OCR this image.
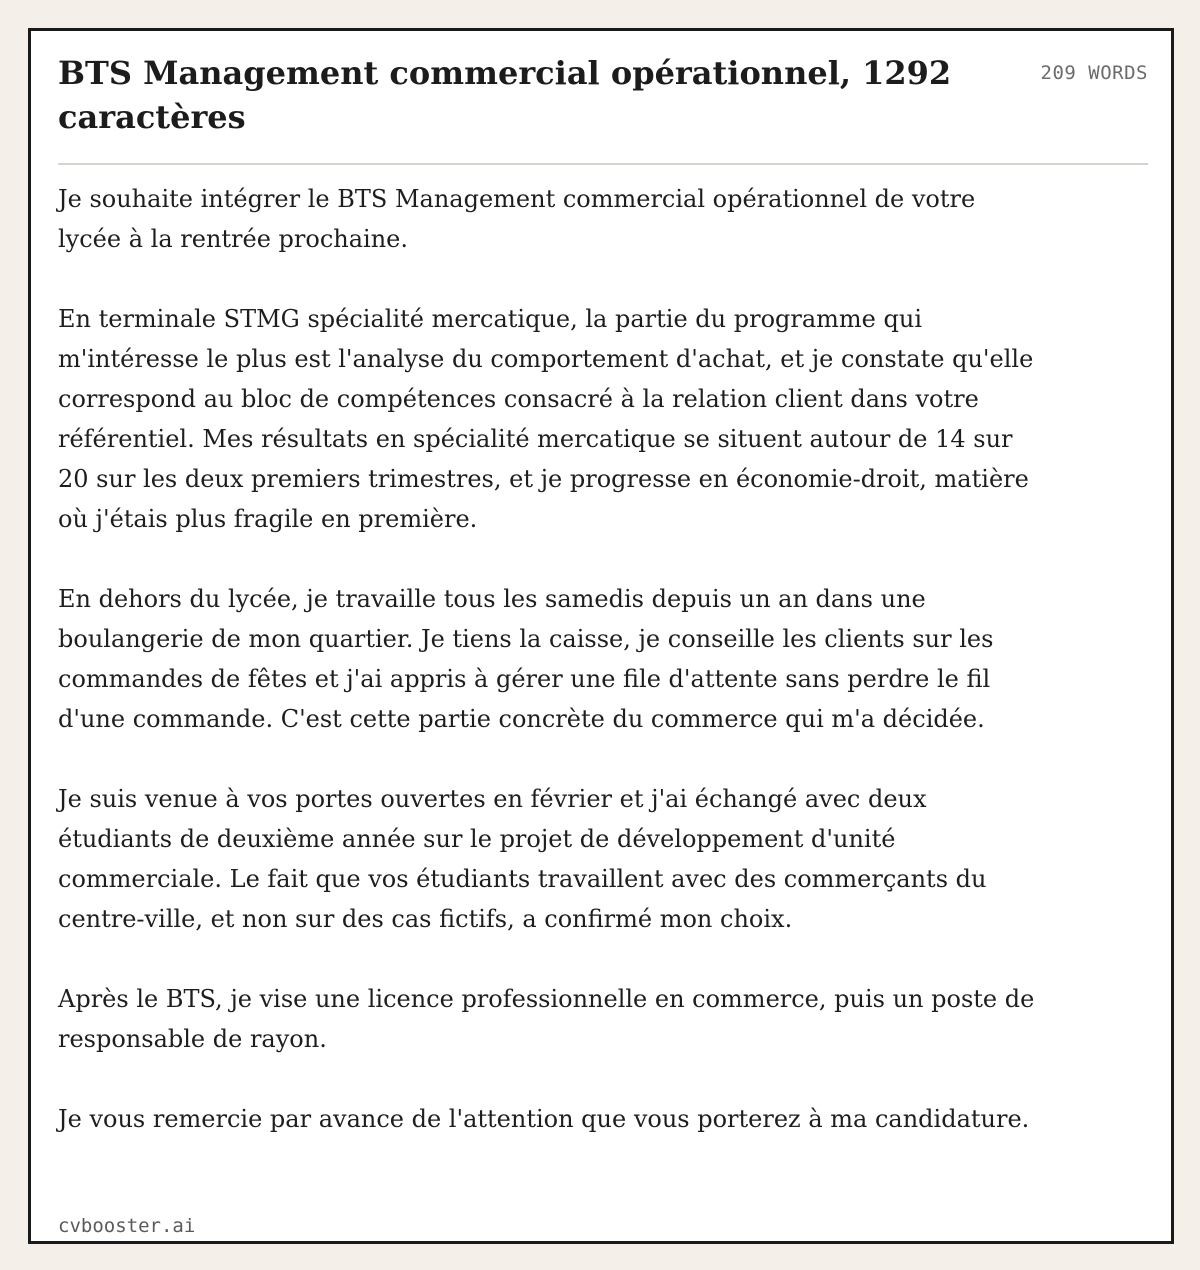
BTS Management commercial opérationnel, 1292 caractères
209 WORDS

Je souhaite intégrer le BTS Management commercial opérationnel de votre lycée à la rentrée prochaine.

En terminale STMG spécialité mercatique, la partie du programme qui m'intéresse le plus est l'analyse du comportement d'achat, et je constate qu'elle correspond au bloc de compétences consacré à la relation client dans votre référentiel. Mes résultats en spécialité mercatique se situent autour de 14 sur 20 sur les deux premiers trimestres, et je progresse en économie-droit, matière où j'étais plus fragile en première.

En dehors du lycée, je travaille tous les samedis depuis un an dans une boulangerie de mon quartier. Je tiens la caisse, je conseille les clients sur les commandes de fêtes et j'ai appris à gérer une file d'attente sans perdre le fil d'une commande. C'est cette partie concrète du commerce qui m'a décidée.

Je suis venue à vos portes ouvertes en février et j'ai échangé avec deux étudiants de deuxième année sur le projet de développement d'unité commerciale. Le fait que vos étudiants travaillent avec des commerçants du centre-ville, et non sur des cas fictifs, a confirmé mon choix.

Après le BTS, je vise une licence professionnelle en commerce, puis un poste de responsable de rayon.

Je vous remercie par avance de l'attention que vous porterez à ma candidature.

cvbooster.ai
